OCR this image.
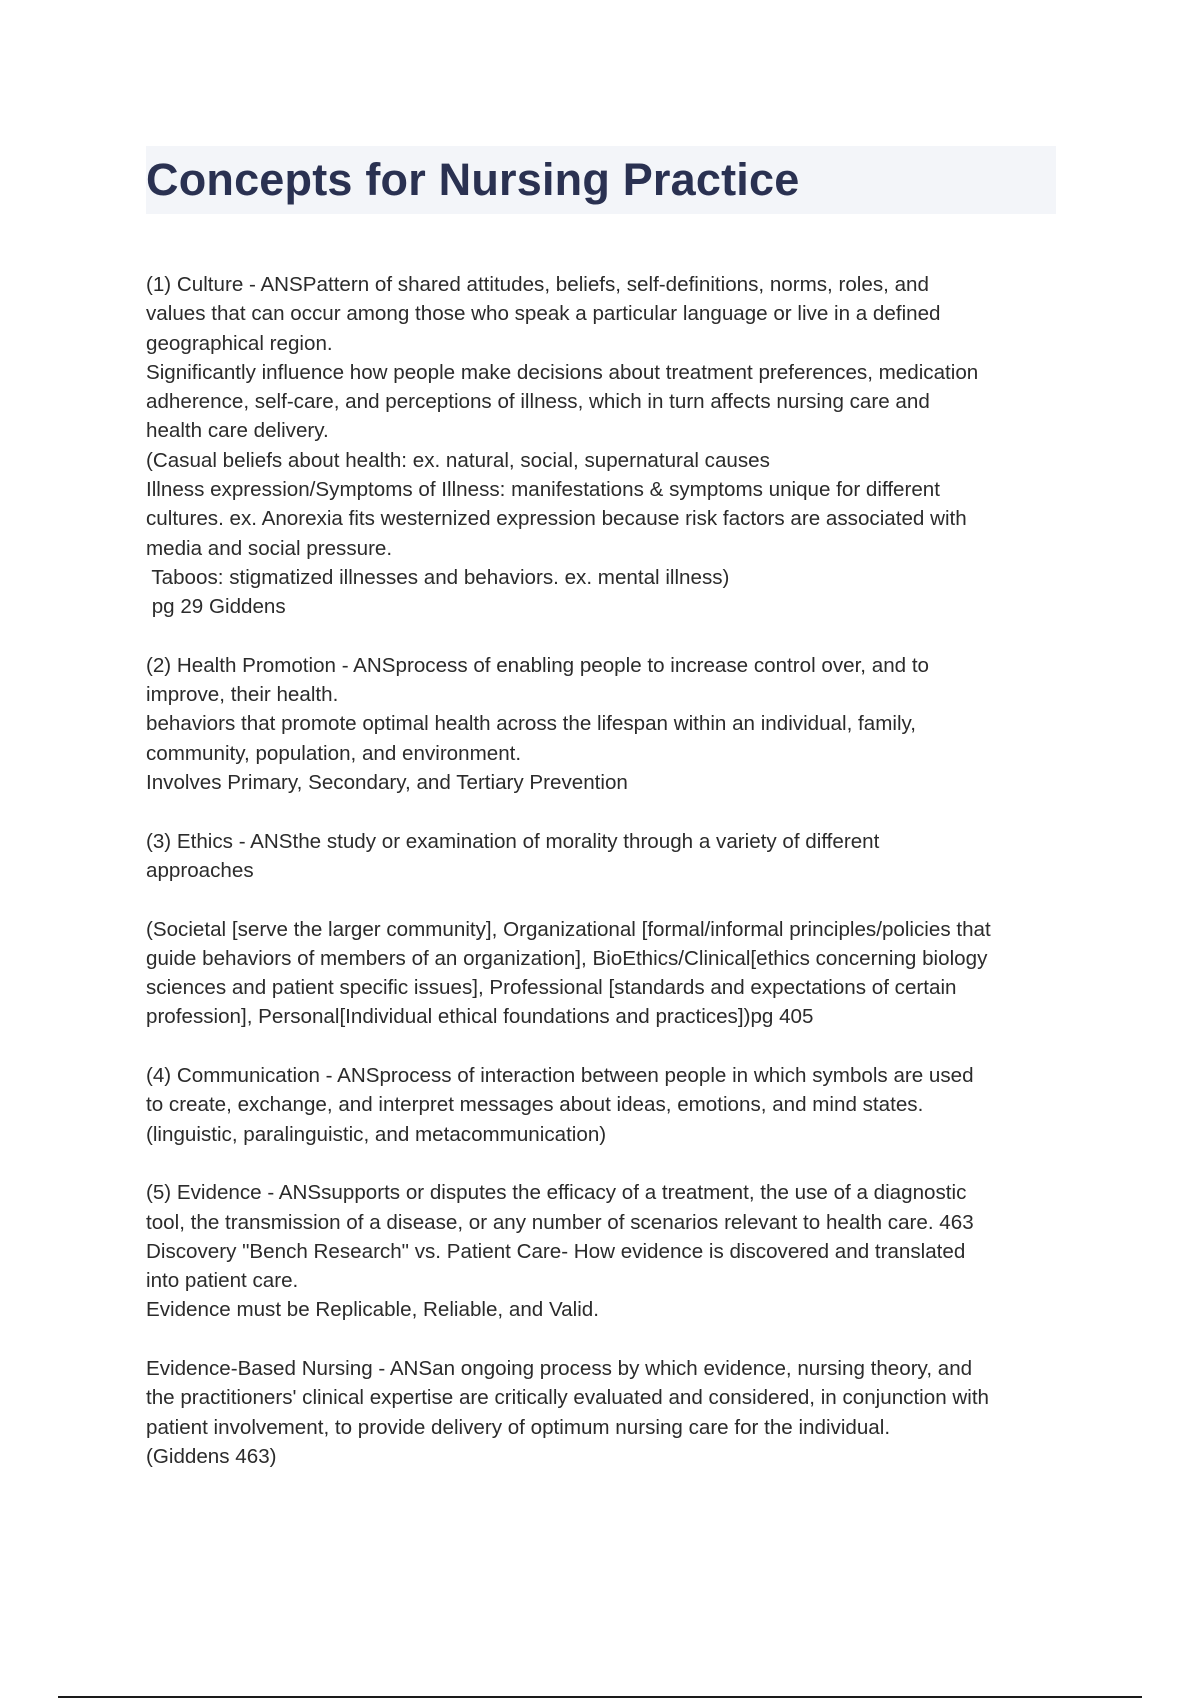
Concepts for Nursing Practice
(1) Culture - ANSPattern of shared attitudes, beliefs, self-definitions, norms, roles, and
values that can occur among those who speak a particular language or live in a defined
geographical region.
Significantly influence how people make decisions about treatment preferences, medication
adherence, self-care, and perceptions of illness, which in turn affects nursing care and
health care delivery.
(Casual beliefs about health: ex. natural, social, supernatural causes
Illness expression/Symptoms of Illness: manifestations & symptoms unique for different
cultures. ex. Anorexia fits westernized expression because risk factors are associated with
media and social pressure.
Taboos: stigmatized illnesses and behaviors. ex. mental illness)
pg 29 Giddens
(2) Health Promotion - ANSprocess of enabling people to increase control over, and to
improve, their health.
behaviors that promote optimal health across the lifespan within an individual, family,
community, population, and environment.
Involves Primary, Secondary, and Tertiary Prevention
(3) Ethics - ANSthe study or examination of morality through a variety of different
approaches
(Societal [serve the larger community], Organizational [formal/informal principles/policies that
guide behaviors of members of an organization], BioEthics/Clinical[ethics concerning biology
sciences and patient specific issues], Professional [standards and expectations of certain
profession], Personal[Individual ethical foundations and practices])pg 405
(4) Communication - ANSprocess of interaction between people in which symbols are used
to create, exchange, and interpret messages about ideas, emotions, and mind states.
(linguistic, paralinguistic, and metacommunication)
(5) Evidence - ANSsupports or disputes the efficacy of a treatment, the use of a diagnostic
tool, the transmission of a disease, or any number of scenarios relevant to health care. 463
Discovery "Bench Research" vs. Patient Care- How evidence is discovered and translated
into patient care.
Evidence must be Replicable, Reliable, and Valid.
Evidence-Based Nursing - ANSan ongoing process by which evidence, nursing theory, and
the practitioners' clinical expertise are critically evaluated and considered, in conjunction with
patient involvement, to provide delivery of optimum nursing care for the individual.
(Giddens 463)
